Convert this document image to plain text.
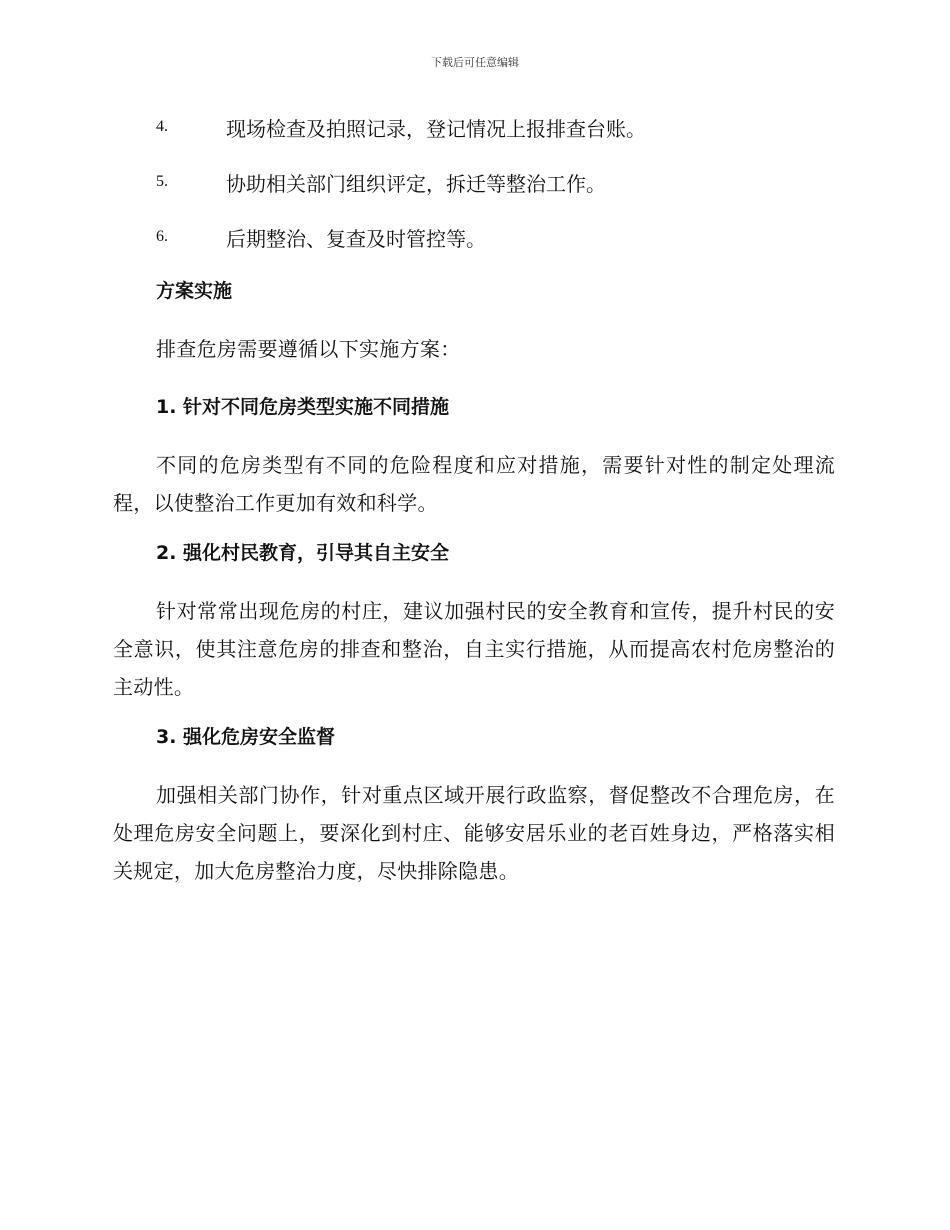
下载后可任意编辑
4.	现场检查及拍照记录，登记情况上报排查台账。
5.	协助相关部门组织评定，拆迁等整治工作。
6.	后期整治、复查及时管控等。
方案实施

排查危房需要遵循以下实施方案：

1. 针对不同危房类型实施不同措施

不同的危房类型有不同的危险程度和应对措施，需要针对性的制定处理流程，以使整治工作更加有效和科学。

2. 强化村民教育，引导其自主安全

针对常常出现危房的村庄，建议加强村民的安全教育和宣传，提升村民的安全意识，使其注意危房的排查和整治，自主实行措施，从而提高农村危房整治的主动性。

3. 强化危房安全监督

加强相关部门协作，针对重点区域开展行政监察，督促整改不合理危房，在处理危房安全问题上，要深化到村庄、能够安居乐业的老百姓身边，严格落实相关规定，加大危房整治力度，尽快排除隐患。
